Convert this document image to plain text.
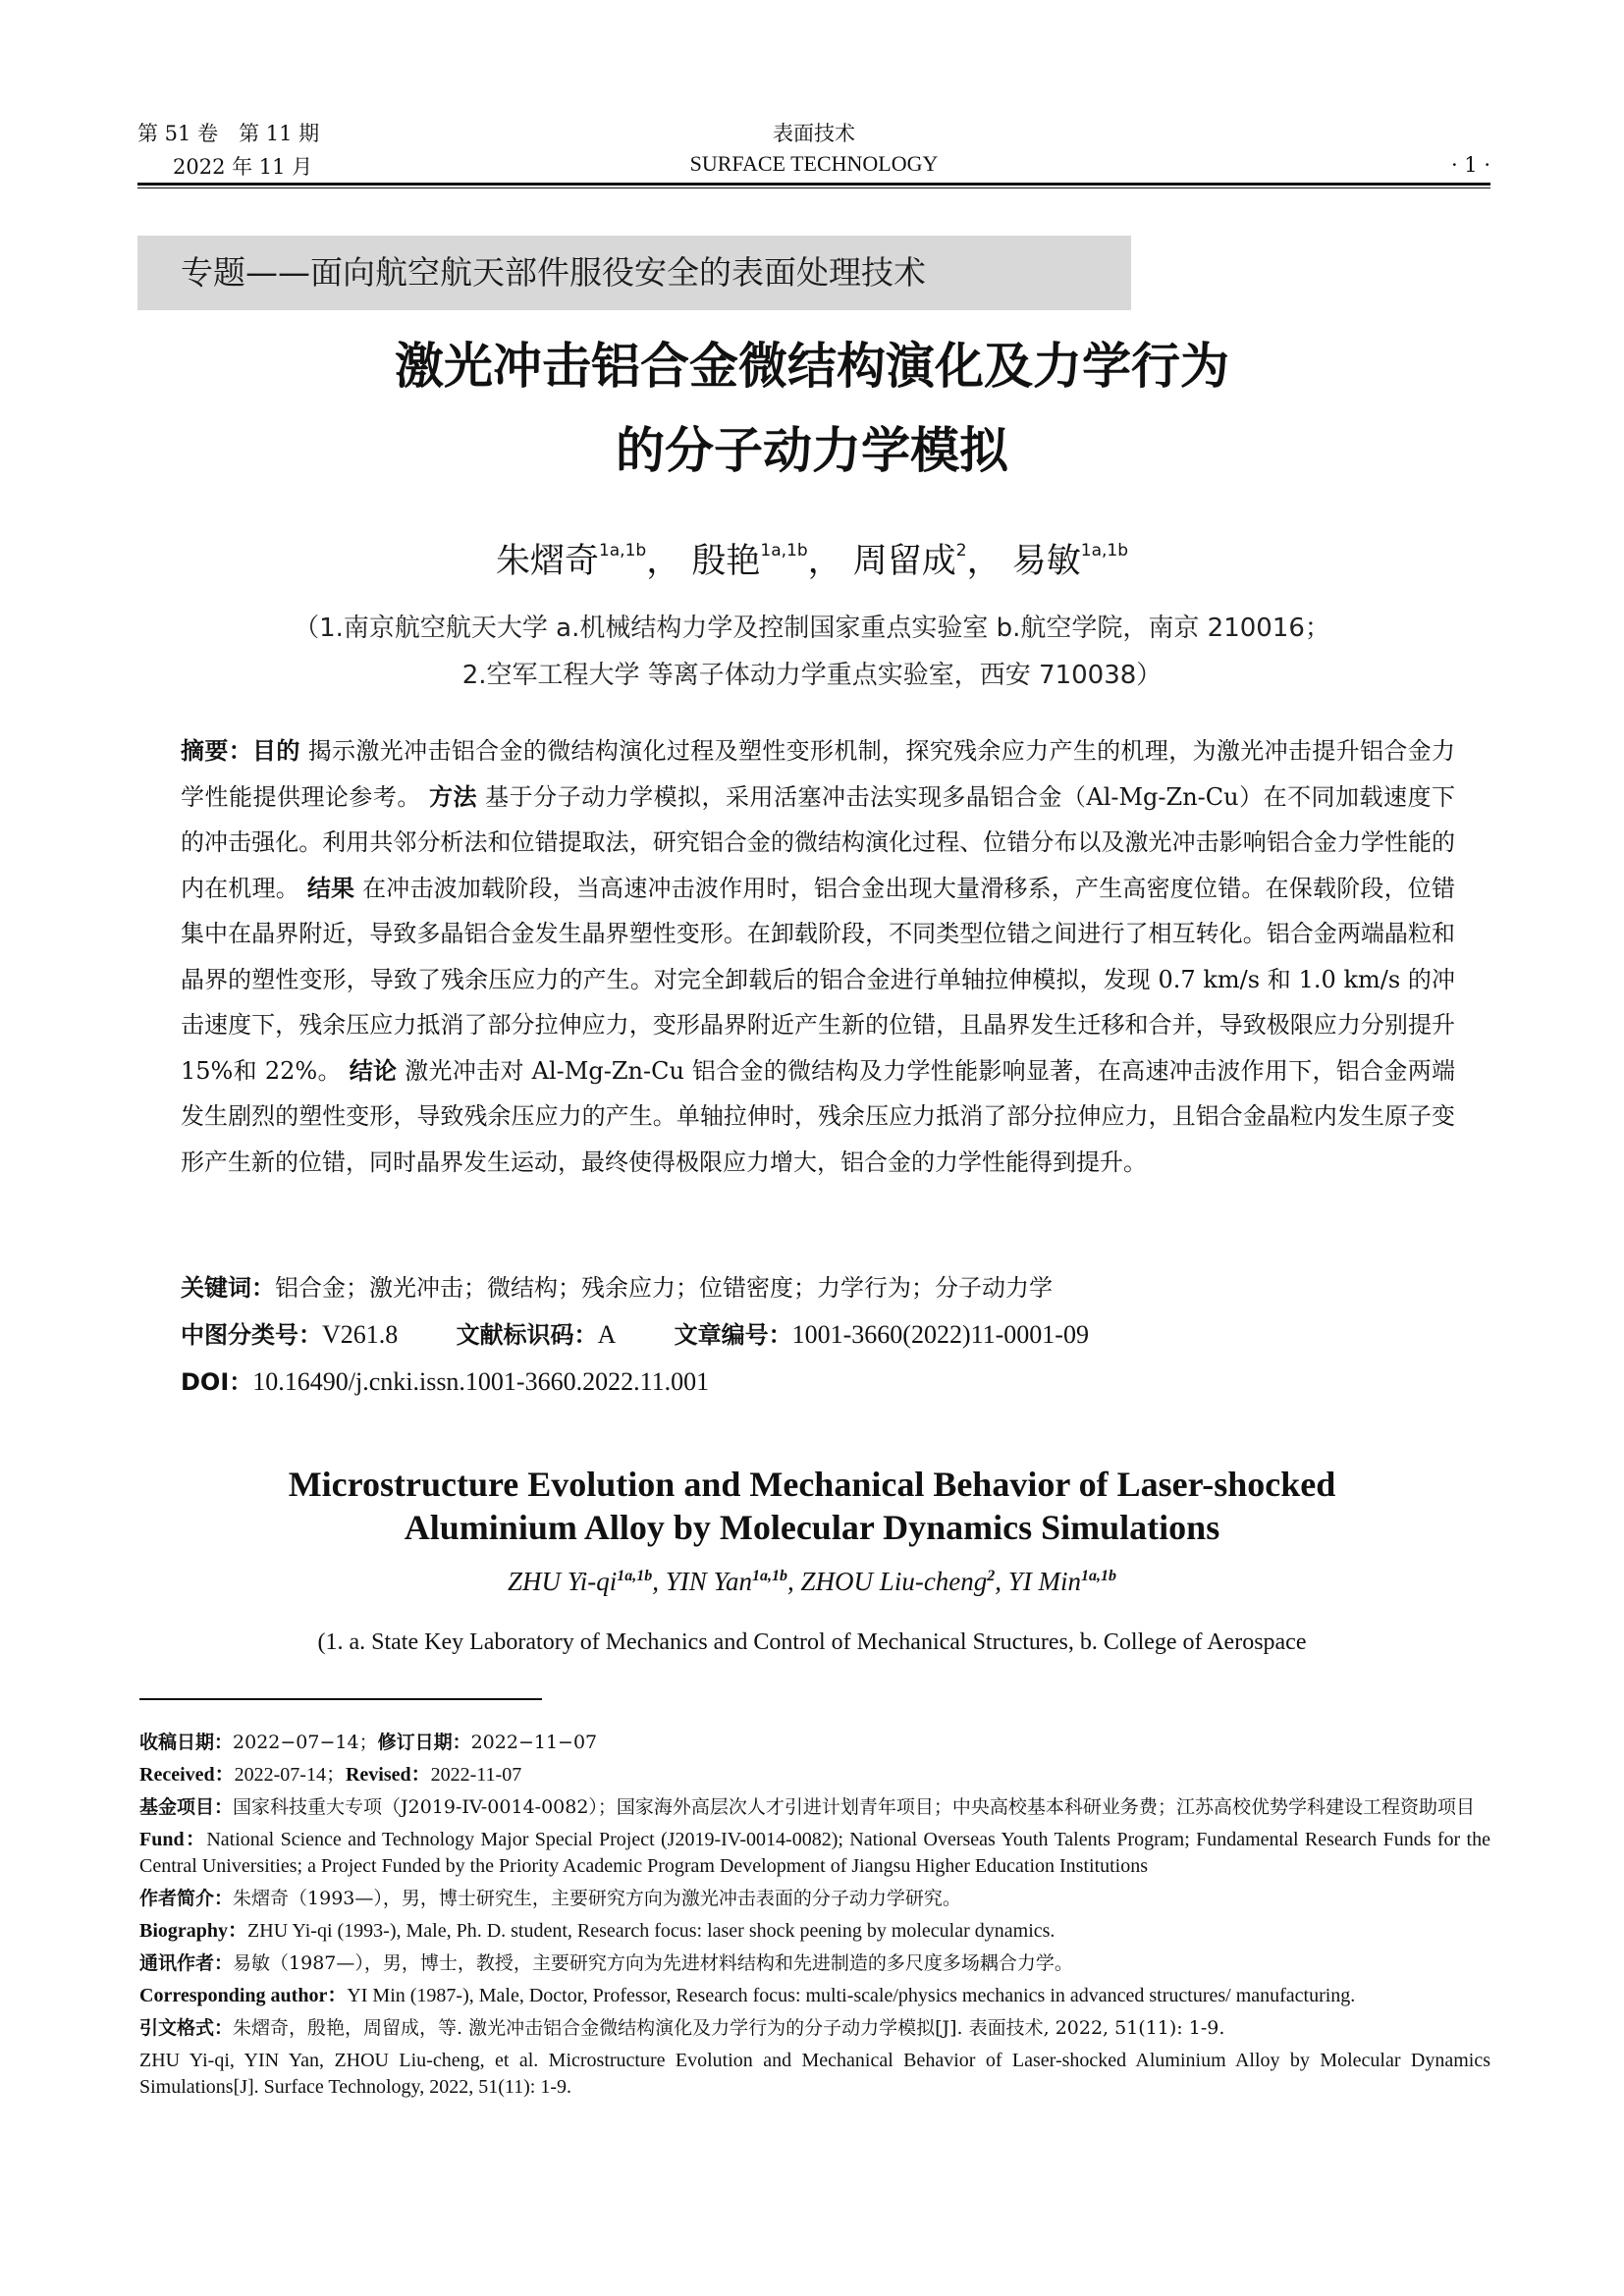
第 51 卷　第 11 期
2022 年 11 月
表面技术
SURFACE TECHNOLOGY	· 1 ·
专题——面向航空航天部件服役安全的表面处理技术
激光冲击铝合金微结构演化及力学行为
的分子动力学模拟
朱熠奇$^{1a,1b}$， 殷艳$^{1a,1b}$， 周留成$^2$， 易敏$^{1a,1b}$
（1.南京航空航天大学 a.机械结构力学及控制国家重点实验室 b.航空学院，南京 210016；
2.空军工程大学 等离子体动力学重点实验室，西安 710038）
摘要：目的 揭示激光冲击铝合金的微结构演化过程及塑性变形机制，探究残余应力产生的机理，为激光冲击提升铝合金力学性能提供理论参考。 方法 基于分子动力学模拟，采用活塞冲击法实现多晶铝合金（Al-Mg-Zn-Cu）在不同加载速度下的冲击强化。利用共邻分析法和位错提取法，研究铝合金的微结构演化过程、位错分布以及激光冲击影响铝合金力学性能的内在机理。 结果 在冲击波加载阶段，当高速冲击波作用时，铝合金出现大量滑移系，产生高密度位错。在保载阶段，位错集中在晶界附近，导致多晶铝合金发生晶界塑性变形。在卸载阶段，不同类型位错之间进行了相互转化。铝合金两端晶粒和晶界的塑性变形，导致了残余压应力的产生。对完全卸载后的铝合金进行单轴拉伸模拟，发现 0.7 km/s 和 1.0 km/s 的冲击速度下，残余压应力抵消了部分拉伸应力，变形晶界附近产生新的位错，且晶界发生迁移和合并，导致极限应力分别提升 15%和 22%。 结论 激光冲击对 Al-Mg-Zn-Cu 铝合金的微结构及力学性能影响显著，在高速冲击波作用下，铝合金两端发生剧烈的塑性变形，导致残余压应力的产生。单轴拉伸时，残余压应力抵消了部分拉伸应力，且铝合金晶粒内发生原子变形产生新的位错，同时晶界发生运动，最终使得极限应力增大，铝合金的力学性能得到提升。
关键词：铝合金；激光冲击；微结构；残余应力；位错密度；力学行为；分子动力学
中图分类号：V261.8 文献标识码：A 文章编号：1001-3660(2022)11-0001-09
DOI：10.16490/j.cnki.issn.1001-3660.2022.11.001
Microstructure Evolution and Mechanical Behavior of Laser-shocked
Aluminium Alloy by Molecular Dynamics Simulations
ZHU $Yi-qi^{1a,1b}$, YIN Yan$^{1a,1b}$, ZHOU Liu-cheng$^2$, YI Min$^{1a,1b}$
(1. a. State Key Laboratory of Mechanics and Control of Mechanical Structures, b. College of Aerospace

收稿日期：2022−07−14；修订日期：2022−11−07

Received：2022-07-14；Revised：2022-11-07

基金项目：国家科技重大专项（J2019-IV-0014-0082）；国家海外高层次人才引进计划青年项目；中央高校基本科研业务费；江苏高校优势学科建设工程资助项目

Fund：National Science and Technology Major Special Project (J2019-IV-0014-0082); National Overseas Youth Talents Program; Fundamental Research Funds for the Central Universities; a Project Funded by the Priority Academic Program Development of Jiangsu Higher Education Institutions

作者简介：朱熠奇（1993—），男，博士研究生，主要研究方向为激光冲击表面的分子动力学研究。

Biography：ZHU Yi-qi (1993-), Male, Ph. D. student, Research focus: laser shock peening by molecular dynamics.

通讯作者：易敏（1987—），男，博士，教授，主要研究方向为先进材料结构和先进制造的多尺度多场耦合力学。

Corresponding author：YI Min (1987-), Male, Doctor, Professor, Research focus: multi-scale/physics mechanics in advanced structures/ manufacturing.

引文格式：朱熠奇，殷艳，周留成，等. 激光冲击铝合金微结构演化及力学行为的分子动力学模拟[J]. 表面技术, 2022, 51(11): 1-9.

ZHU Yi-qi, YIN Yan, ZHOU Liu-cheng, et al. Microstructure Evolution and Mechanical Behavior of Laser-shocked Aluminium Alloy by Molecular Dynamics Simulations[J]. Surface Technology, 2022, 51(11): 1-9.
